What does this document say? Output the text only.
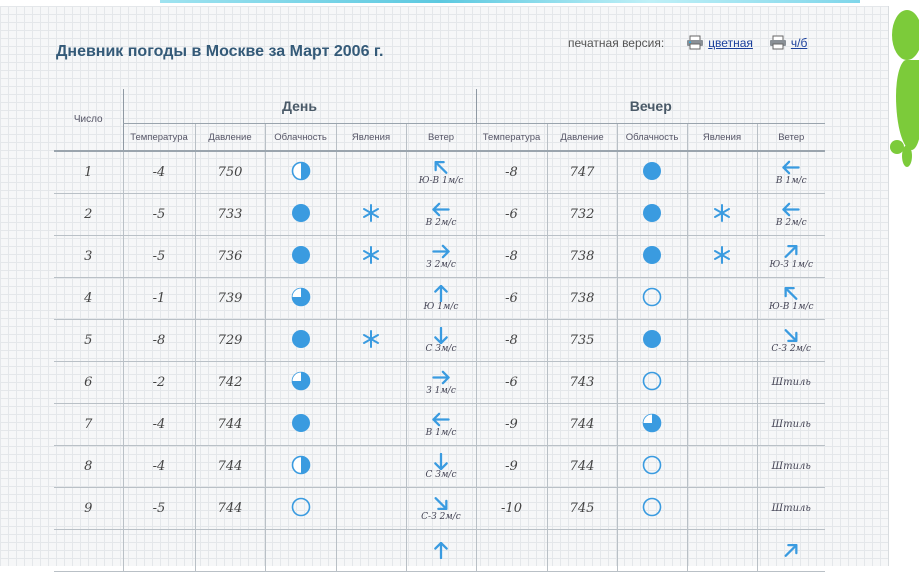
Дневник погоды в Москве за Март 2006 г.
печатная версия:	цветная	ч/б
Число	День					Вечер				
	Температура	Давление	Облачность	Явления	Ветер	Температура	Давление	Облачность	Явления	Ветер
1	-4	750			Ю-В 1м/с	-8	747			В 1м/с

2	-5	733			В 2м/с	-6	732			В 2м/с

3	-5	736			З 2м/с	-8	738			Ю-З 1м/с

4	-1	739			Ю 1м/с	-6	738			Ю-В 1м/с

5	-8	729			С 3м/с	-8	735			С-З 2м/с

6	-2	742			З 1м/с	-6	743			Штиль

7	-4	744			В 1м/с	-9	744			Штиль

8	-4	744			С 3м/с	-9	744			Штиль

9	-5	744			С-З 2м/с	-10	745			Штиль
